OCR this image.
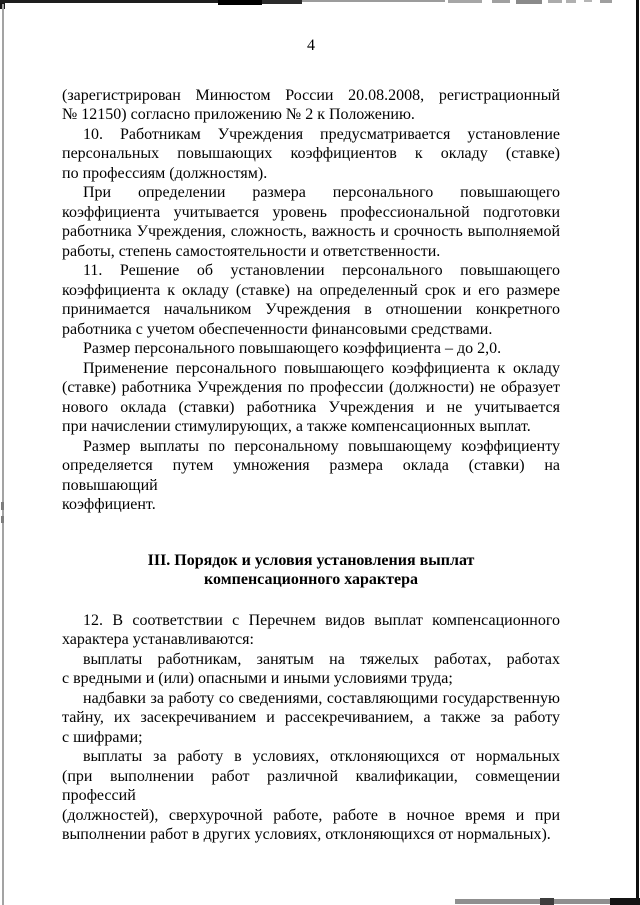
4
(зарегистрирован Минюстом России 20.08.2008, регистрационный
№ 12150) согласно приложению № 2 к Положению.
10. Работникам Учреждения предусматривается установление
персональных повышающих коэффициентов к окладу (ставке)
по профессиям (должностям).
При определении размера персонального повышающего
коэффициента учитывается уровень профессиональной подготовки
работника Учреждения, сложность, важность и срочность выполняемой
работы, степень самостоятельности и ответственности.
11. Решение об установлении персонального повышающего
коэффициента к окладу (ставке) на определенный срок и его размере
принимается начальником Учреждения в отношении конкретного
работника с учетом обеспеченности финансовыми средствами.
Размер персонального повышающего коэффициента – до 2,0.
Применение персонального повышающего коэффициента к окладу
(ставке) работника Учреждения по профессии (должности) не образует
нового оклада (ставки) работника Учреждения и не учитывается
при начислении стимулирующих, а также компенсационных выплат.
Размер выплаты по персональному повышающему коэффициенту
определяется путем умножения размера оклада (ставки) на повышающий
коэффициент.
III. Порядок и условия установления выплат
компенсационного характера
12. В соответствии с Перечнем видов выплат компенсационного
характера устанавливаются:
выплаты работникам, занятым на тяжелых работах, работах
с вредными и (или) опасными и иными условиями труда;
надбавки за работу со сведениями, составляющими государственную
тайну, их засекречиванием и рассекречиванием, а также за работу
с шифрами;
выплаты за работу в условиях, отклоняющихся от нормальных
(при выполнении работ различной квалификации, совмещении профессий
(должностей), сверхурочной работе, работе в ночное время и при
выполнении работ в других условиях, отклоняющихся от нормальных).
